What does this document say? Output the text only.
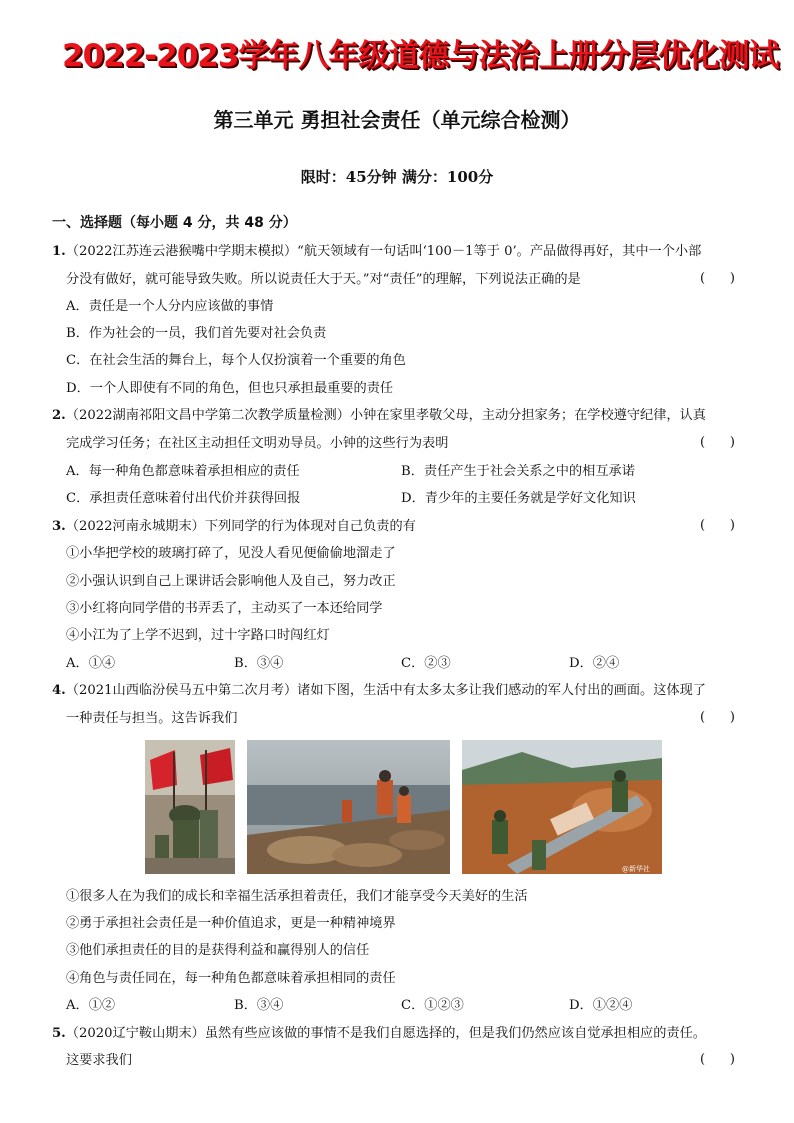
2022-2023学年八年级道德与法治上册分层优化测试
第三单元 勇担社会责任（单元综合检测）
限时：45分钟 满分：100分
一、选择题（每小题 4 分，共 48 分）
1.（2022江苏连云港猴嘴中学期末模拟）“航天领域有一句话叫‘100－1等于 0’。产品做得再好，其中一个小部
分没有做好，就可能导致失败。所以说责任大于天。”对“责任”的理解，下列说法正确的是	(      )
A．责任是一个人分内应该做的事情
B．作为社会的一员，我们首先要对社会负责
C．在社会生活的舞台上，每个人仅扮演着一个重要的角色
D．一个人即使有不同的角色，但也只承担最重要的责任
2.（2022湖南祁阳文昌中学第二次教学质量检测）小钟在家里孝敬父母，主动分担家务；在学校遵守纪律，认真
完成学习任务；在社区主动担任文明劝导员。小钟的这些行为表明	(      )
A．每一种角色都意味着承担相应的责任	B．责任产生于社会关系之中的相互承诺
C．承担责任意味着付出代价并获得回报	D．青少年的主要任务就是学好文化知识
3.（2022河南永城期末）下列同学的行为体现对自己负责的有	(      )
①小华把学校的玻璃打碎了，见没人看见便偷偷地溜走了
②小强认识到自己上课讲话会影响他人及自己，努力改正
③小红将向同学借的书弄丢了，主动买了一本还给同学
④小江为了上学不迟到，过十字路口时闯红灯
A．①④	B．③④	C．②③	D．②④
4.（2021山西临汾侯马五中第二次月考）诸如下图，生活中有太多太多让我们感动的军人付出的画面。这体现了
一种责任与担当。这告诉我们	(      )
@新华社
①很多人在为我们的成长和幸福生活承担着责任，我们才能享受今天美好的生活
②勇于承担社会责任是一种价值追求，更是一种精神境界
③他们承担责任的目的是获得利益和赢得别人的信任
④角色与责任同在，每一种角色都意味着承担相同的责任
A．①②	B．③④	C．①②③	D．①②④
5.（2020辽宁鞍山期末）虽然有些应该做的事情不是我们自愿选择的，但是我们仍然应该自觉承担相应的责任。
这要求我们	(      )
